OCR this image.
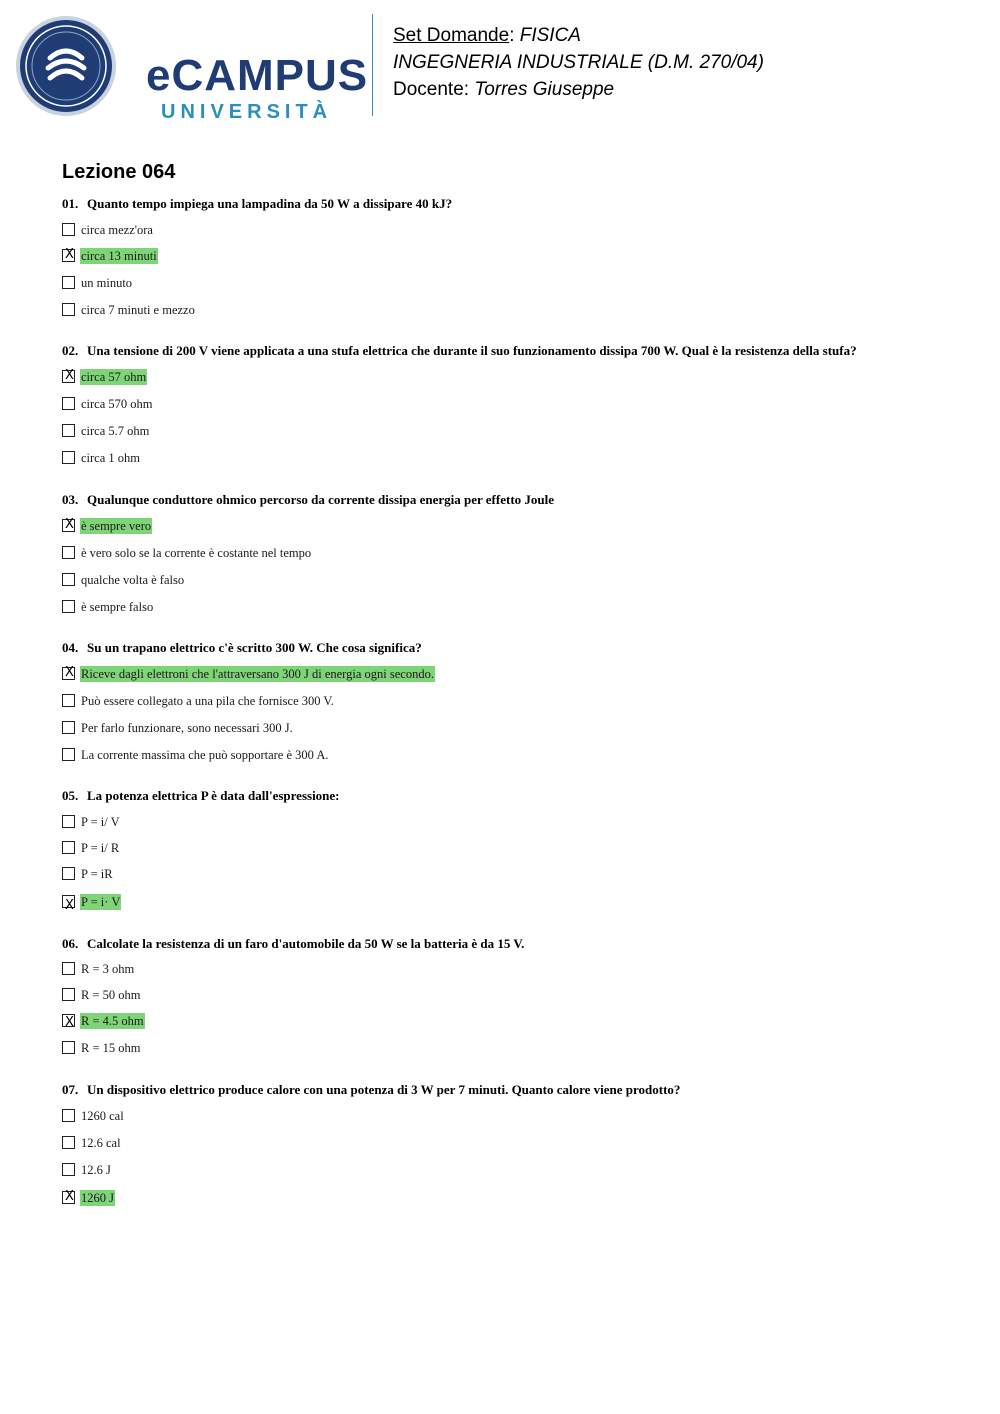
eCAMPUS
UNIVERSITÀ
Set Domande: FISICA
INGEGNERIA INDUSTRIALE (D.M. 270/04)
Docente: Torres Giuseppe
Lezione 064
01. Quanto tempo impiega una lampadina da 50 W a dissipare 40 kJ?
circa mezz'ora
X circa 13 minuti
un minuto
circa 7 minuti e mezzo
02. Una tensione di 200 V viene applicata a una stufa elettrica che durante il suo funzionamento dissipa 700 W. Qual è la resistenza della stufa?
X circa 57 ohm
circa 570 ohm
circa 5.7 ohm
circa 1 ohm
03. Qualunque conduttore ohmico percorso da corrente dissipa energia per effetto Joule
X è sempre vero
è vero solo se la corrente è costante nel tempo
qualche volta è falso
è sempre falso
04. Su un trapano elettrico c'è scritto 300 W. Che cosa significa?
X Riceve dagli elettroni che l'attraversano 300 J di energia ogni secondo.
Può essere collegato a una pila che fornisce 300 V.
Per farlo funzionare, sono necessari 300 J.
La corrente massima che può sopportare è 300 A.
05. La potenza elettrica P è data dall'espressione:
P = i/ V
P = i/ R
P = iR
X P = i· V
06. Calcolate la resistenza di un faro d'automobile da 50 W se la batteria è da 15 V.
R = 3 ohm
R = 50 ohm
X R = 4.5 ohm
R = 15 ohm
07. Un dispositivo elettrico produce calore con una potenza di 3 W per 7 minuti. Quanto calore viene prodotto?
1260 cal
12.6 cal
12.6 J
X 1260 J
